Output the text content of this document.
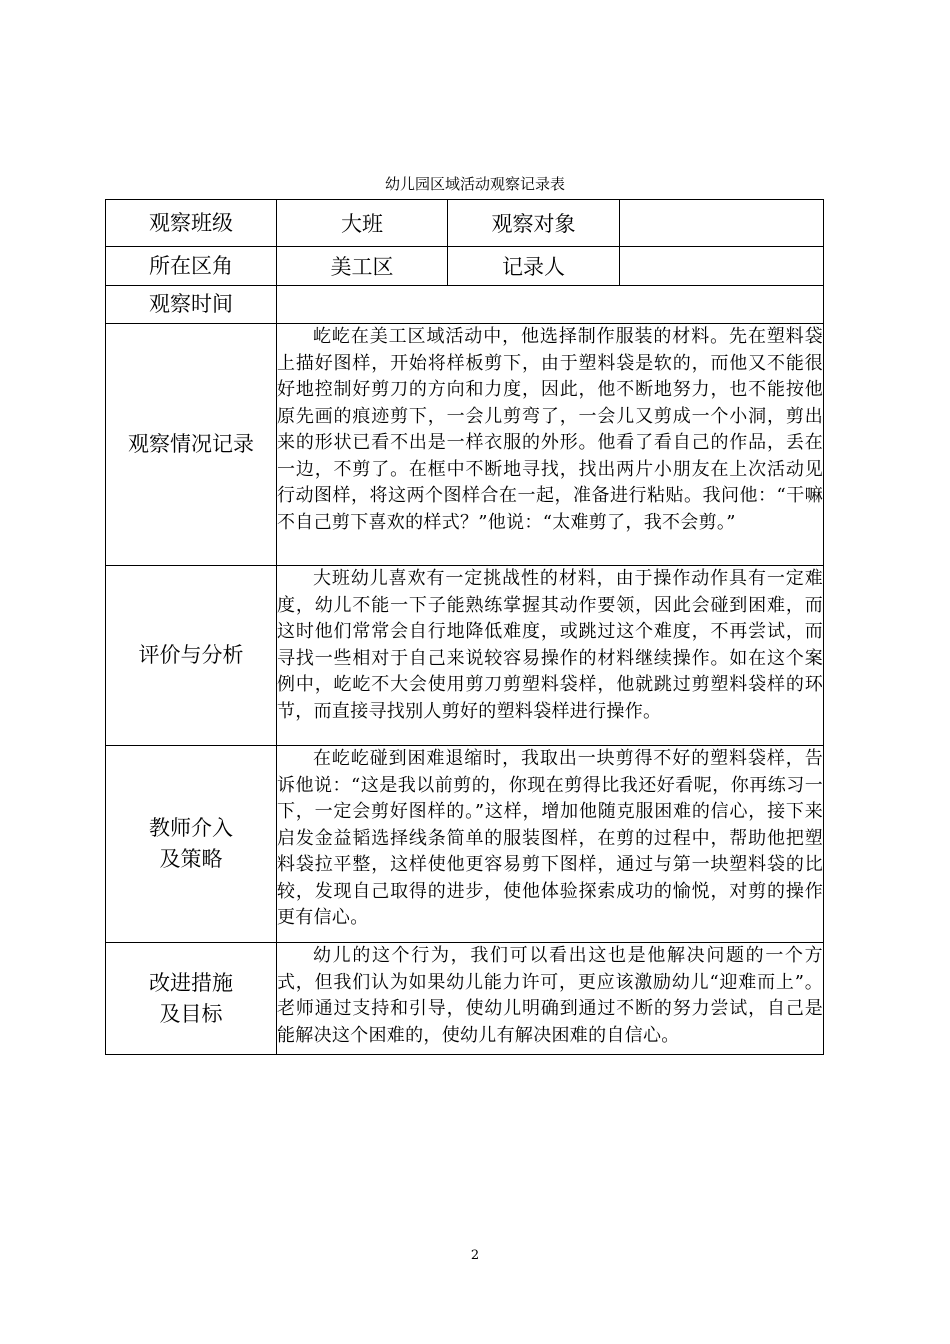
幼儿园区域活动观察记录表
观察班级	大班	观察对象	
所在区角	美工区	记录人	
观察时间			
观察情况记录	屹屹在美工区域活动中，他选择制作服装的材料。先在塑料袋上描好图样，开始将样板剪下，由于塑料袋是软的，而他又不能很好地控制好剪刀的方向和力度，因此，他不断地努力，也不能按他原先画的痕迹剪下，一会儿剪弯了，一会儿又剪成一个小洞，剪出来的形状已看不出是一样衣服的外形。他看了看自己的作品，丢在一边，不剪了。在框中不断地寻找，找出两片小朋友在上次活动见行动图样，将这两个图样合在一起，准备进行粘贴。我问他：“干嘛不自己剪下喜欢的样式？”他说：“太难剪了，我不会剪。”		
评价与分析	大班幼儿喜欢有一定挑战性的材料，由于操作动作具有一定难度，幼儿不能一下子能熟练掌握其动作要领，因此会碰到困难，而这时他们常常会自行地降低难度，或跳过这个难度，不再尝试，而寻找一些相对于自己来说较容易操作的材料继续操作。如在这个案例中，屹屹不大会使用剪刀剪塑料袋样，他就跳过剪塑料袋样的环节，而直接寻找别人剪好的塑料袋样进行操作。		
教师介入
及策略	在屹屹碰到困难退缩时，我取出一块剪得不好的塑料袋样，告诉他说：“这是我以前剪的，你现在剪得比我还好看呢，你再练习一下，一定会剪好图样的。”这样，增加他随克服困难的信心，接下来启发金益韬选择线条简单的服装图样，在剪的过程中，帮助他把塑料袋拉平整，这样使他更容易剪下图样，通过与第一块塑料袋的比较，发现自己取得的进步，使他体验探索成功的愉悦，对剪的操作更有信心。		
改进措施
及目标	幼儿的这个行为，我们可以看出这也是他解决问题的一个方式，但我们认为如果幼儿能力许可，更应该激励幼儿“迎难而上”。老师通过支持和引导，使幼儿明确到通过不断的努力尝试，自己是能解决这个困难的，使幼儿有解决困难的自信心。		
2
